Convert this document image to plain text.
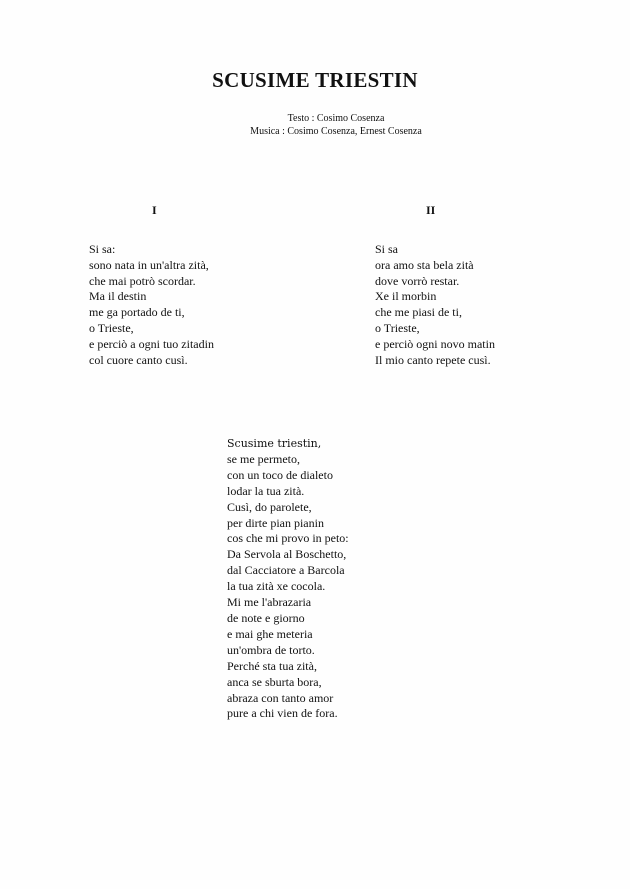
SCUSIME TRIESTIN
Testo : Cosimo Cosenza
Musica : Cosimo Cosenza, Ernest Cosenza
I	II
Si sa:
sono nata in un'altra zità,
che mai potrò scordar.
Ma il destin
me ga portado de ti,
o Trieste,
e perciò a ogni tuo zitadin
col cuore canto cusì.
Si sa
ora amo sta bela zità
dove vorrò restar.
Xe il morbin
che me piasi de ti,
o Trieste,
e perciò ogni novo matin
Il mio canto repete cusì.
Scusime triestin,
se me permeto,
con un toco de dialeto
lodar la tua zità.
Cusì, do parolete,
per dirte pian pianin
cos che mi provo in peto:
Da Servola al Boschetto,
dal Cacciatore a Barcola
la tua zità xe cocola.
Mi me l'abrazaria
de note e giorno
e mai ghe meteria
un'ombra de torto.
Perché sta tua zità,
anca se sburta bora,
abraza con tanto amor
pure a chi vien de fora.
